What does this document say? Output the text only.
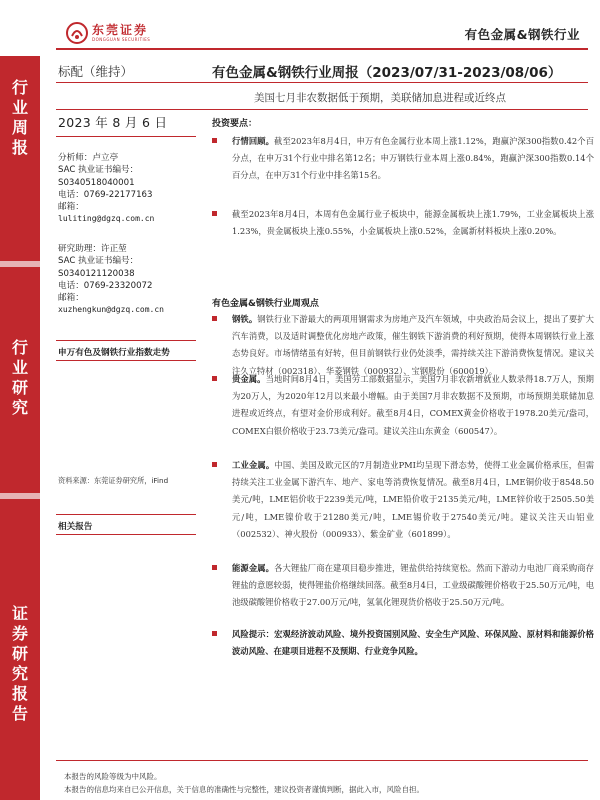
东莞证券
DONGGUAN SECURITIES	有色金属&钢铁行业
行
业
周
报
行
业
研
究
证
券
研
究
报
告
标配（维持）	有色金属&钢铁行业周报（2023/07/31-2023/08/06）
美国七月非农数据低于预期，美联储加息进程或近终点
2023 年 8 月 6 日

分析师：卢立亭

SAC 执业证书编号：

S0340518040001

电话：0769-22177163

邮箱：

luliting@dgzq.com.cn

研究助理：许正堃

SAC 执业证书编号：

S0340121120038

电话：0769-23320072

邮箱：

xuzhengkun@dgzq.com.cn

申万有色及钢铁行业指数走势
资料来源：东莞证券研究所，iFind
相关报告
投资要点：
行情回顾。截至2023年8月4日，申万有色金属行业本周上涨1.12%，跑赢沪深300指数0.42个百分点，在申万31个行业中排名第12名；申万钢铁行业本周上涨0.84%，跑赢沪深300指数0.14个百分点，在申万31个行业中排名第15名。
截至2023年8月4日，本周有色金属行业子板块中，能源金属板块上涨1.79%，工业金属板块上涨1.23%，贵金属板块上涨0.55%，小金属板块上涨0.52%，金属新材料板块上涨0.20%。
有色金属&钢铁行业周观点
钢铁。钢铁行业下游最大的两项用钢需求为房地产及汽车领域，中央政治局会议上，提出了要扩大汽车消费，以及适时调整优化房地产政策，催生钢铁下游消费的利好预期，使得本周钢铁行业上涨态势良好。市场情绪虽有好转，但目前钢铁行业仍处淡季，需持续关注下游消费恢复情况。建议关注久立特材（002318）、华菱钢铁（000932）、宝钢股份（600019）。
贵金属。当地时间8月4日，美国劳工部数据显示，美国7月非农新增就业人数录得18.7万人，预期为20万人，为2020年12月以来最小增幅。由于美国7月非农数据不及预期，市场预期美联储加息进程或近终点，有望对金价形成利好。截至8月4日，COMEX黄金价格收于1978.20美元/盎司，COMEX白银价格收于23.73美元/盎司。建议关注山东黄金（600547）。
工业金属。中国、美国及欧元区的7月制造业PMI均呈现下滑态势，使得工业金属价格承压，但需持续关注工业金属下游汽车、地产、家电等消费恢复情况。截至8月4日，LME铜价收于8548.50美元/吨，LME铝价收于2239美元/吨，LME铅价收于2135美元/吨，LME锌价收于2505.50美元/吨，LME镍价收于21280美元/吨，LME锡价收于27540美元/吨。建议关注天山铝业（002532）、神火股份（000933）、紫金矿业（601899）。
能源金属。各大锂盐厂商在建项目稳步推进，锂盐供给持续宽松。然而下游动力电池厂商采购商存锂盐的意愿较弱，使得锂盐价格继续回落。截至8月4日，工业级碳酸锂价格收于25.50万元/吨，电池级碳酸锂价格收于27.00万元/吨，氢氧化锂现货价格收于25.50万元/吨。
风险提示：宏观经济波动风险、境外投资国别风险、安全生产风险、环保风险、原材料和能源价格波动风险、在建项目进程不及预期、行业竞争风险。

本报告的风险等级为中风险。

本报告的信息均来自已公开信息，关于信息的准确性与完整性，建议投资者谨慎判断，据此入市，风险自担。
